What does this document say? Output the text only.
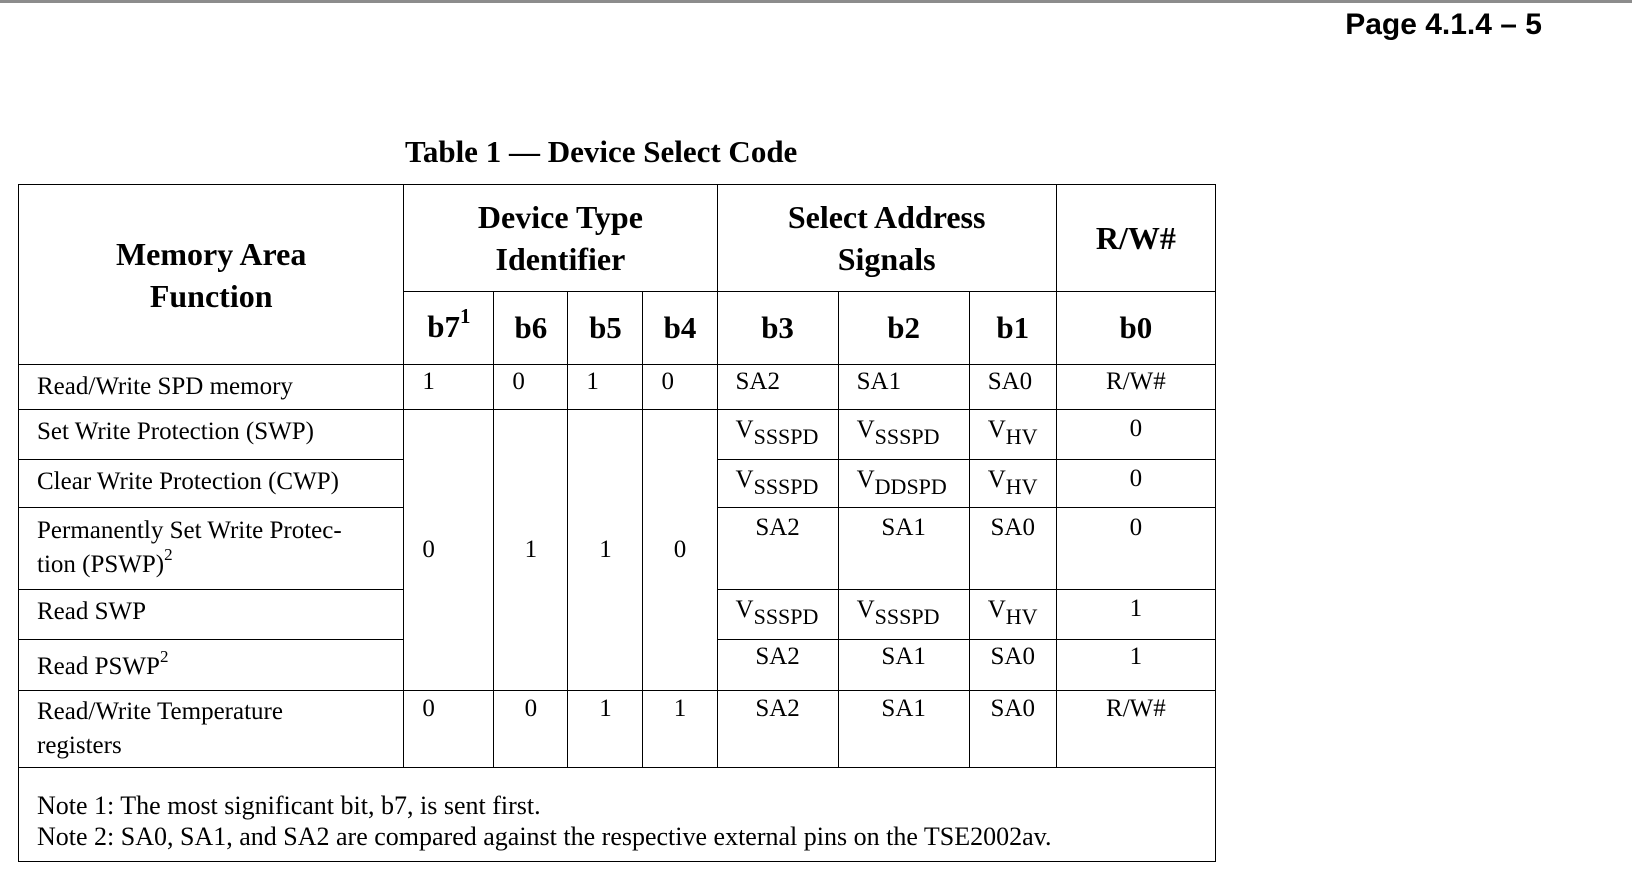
Page 4.1.4 – 5
Table 1 — Device Select Code
Memory Area Function	Device Type Identifier				Select Address Signals			R/W#
	$b7^1$	b6	b5	b4	b3	b2	b1	b0
Read/Write SPD memory	1	0	1	0	SA2	SA1	SA0	R/W#
Set Write Protection (SWP)	0	1	1	0	VSSSPD	VSSSPD	VHV	0
Clear Write Protection (CWP)					VSSSPD	VDDSPD	VHV	0
Permanently Set Write Protec-
tion (PSWP)$^2$					SA2	SA1	SA0	0
Read SWP					VSSSPD	VSSSPD	VHV	1
Read PSWP$^2$					SA2	SA1	SA0	1
Read/Write Temperature
registers	0	0	1	1	SA2	SA1	SA0	R/W#

Note 1: The most significant bit, b7, is sent first.
Note 2: SA0, SA1, and SA2 are compared against the respective external pins on the TSE2002av.								
